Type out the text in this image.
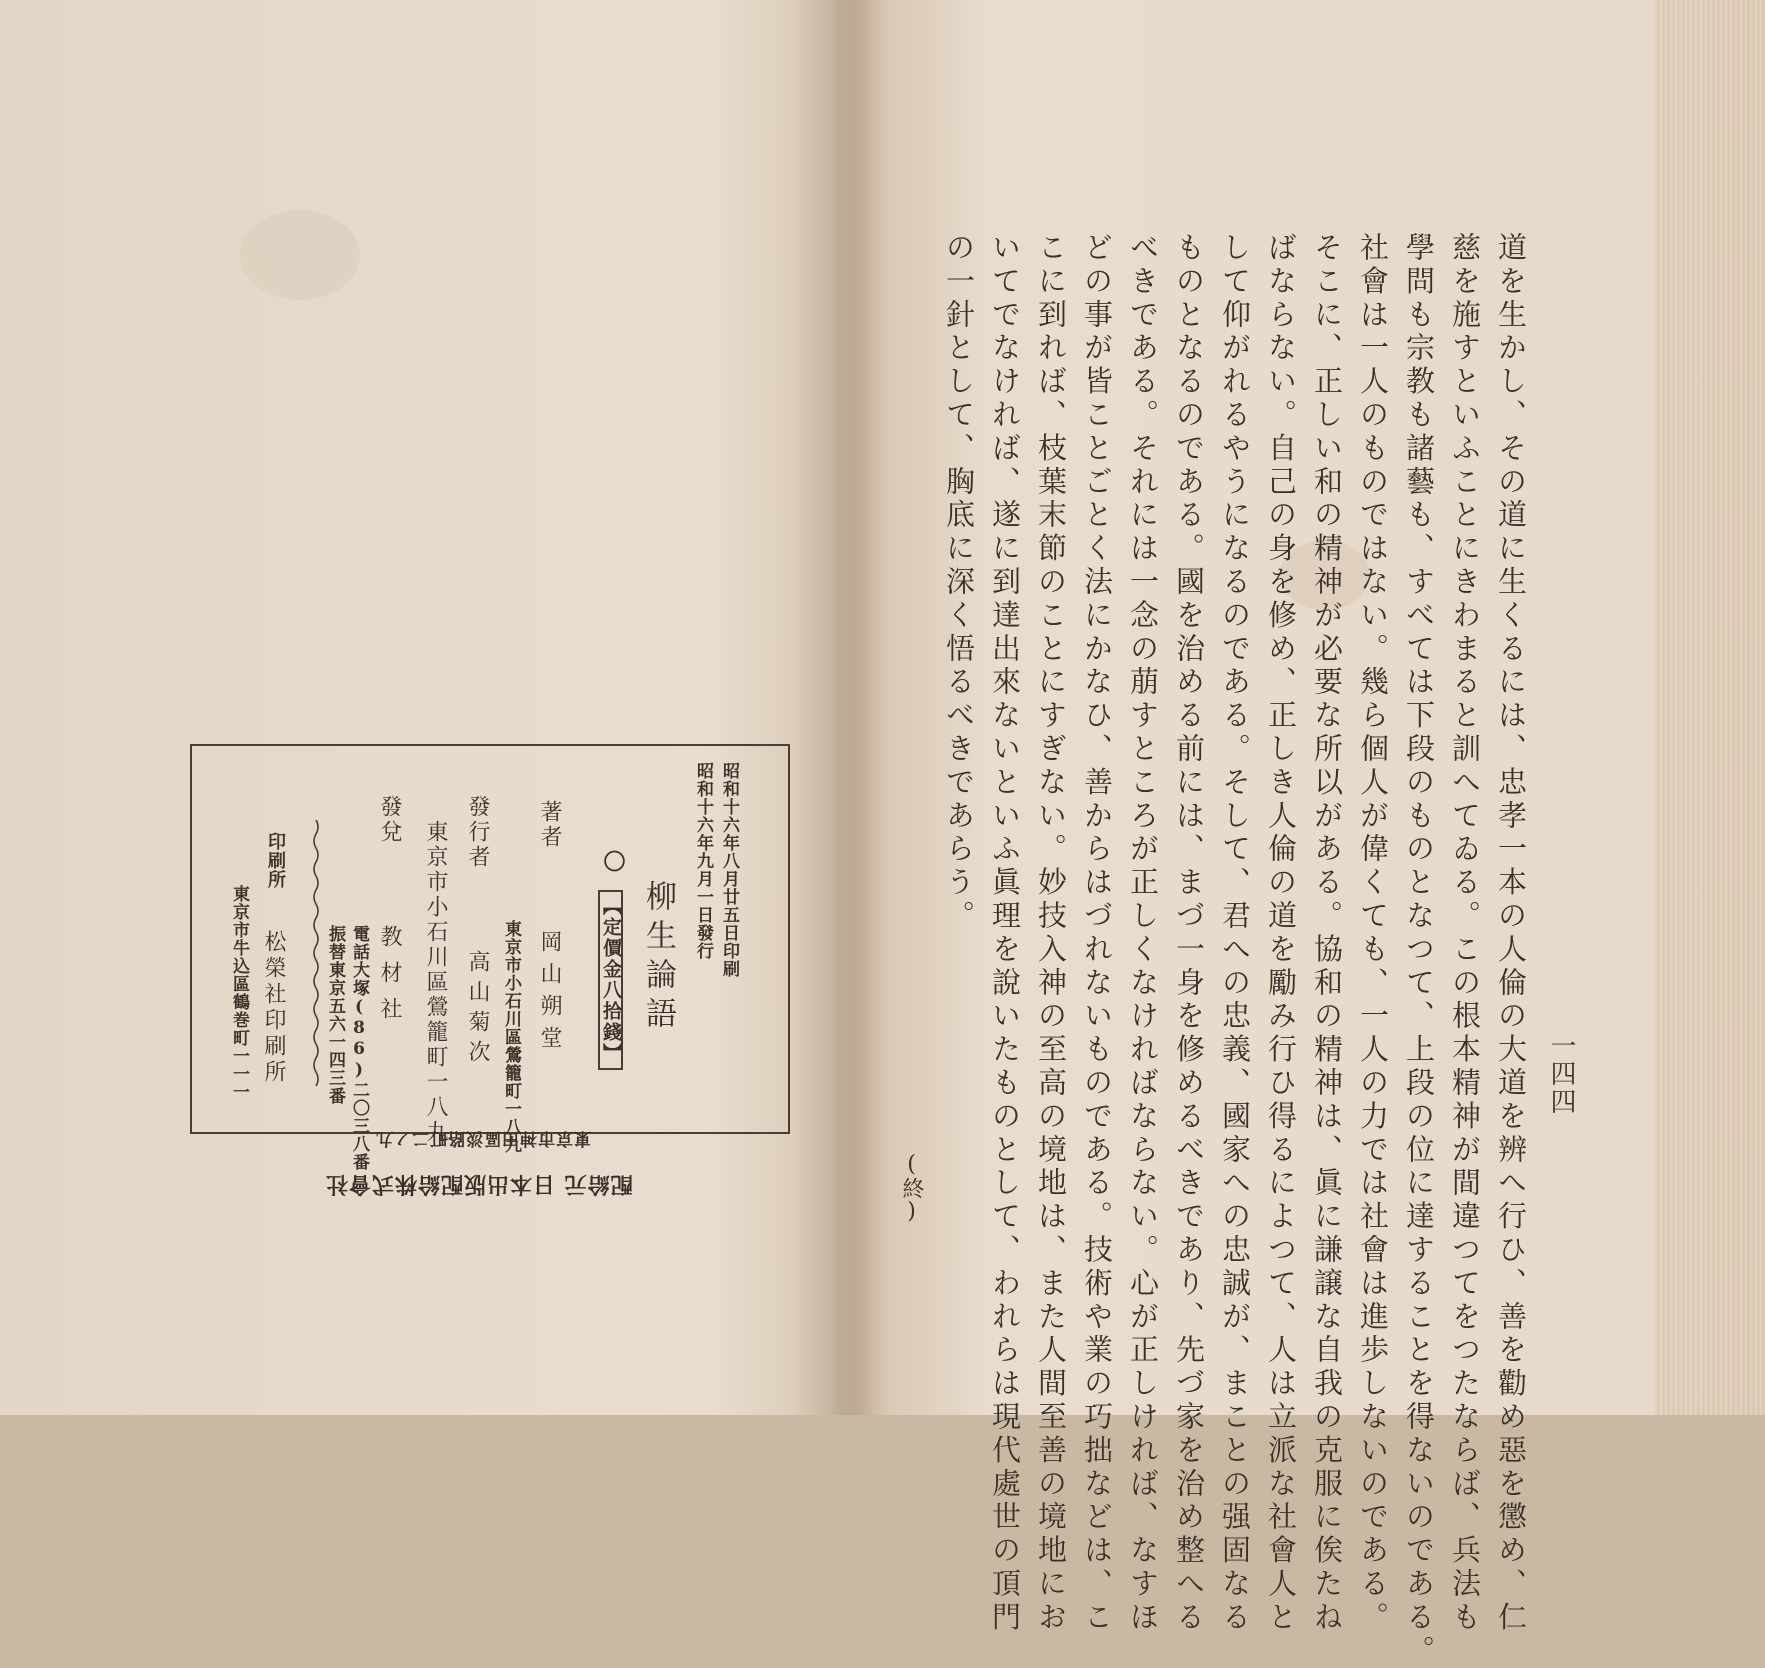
昭和十六年八月廿五日印刷
昭和十六年九月一日發行
柳生論語
〇
【定價金八拾錢】
著者
岡山朔堂
東京市小石川區鶯籠町一八九
發行者
高山菊次
東京市小石川區鶯籠町一八九
發兌
教材社
電話大塚(86)二〇三八番
振替東京五六一四三番
印刷所
松榮社印刷所
東京市牛込區鶴巻町一一一
東京市神田區淡路町二ノ九
配給元 日本出版配給株式會社	道を生かし、その道に生くるには、忠孝一本の人倫の大道を辨へ行ひ、善を勸め惡を懲め、仁
慈を施すといふことにきわまると訓へてゐる。この根本精神が間違つてをつたならば、兵法も
學問も宗教も諸藝も、すべては下段のものとなつて、上段の位に達することを得ないのである。
社會は一人のものではない。幾ら個人が偉くても、一人の力では社會は進歩しないのである。
そこに、正しい和の精神が必要な所以がある。協和の精神は、眞に謙譲な自我の克服に俟たね
ばならない。自己の身を修め、正しき人倫の道を勵み行ひ得るによつて、人は立派な社會人と
して仰がれるやうになるのである。そして、君への忠義、國家への忠誠が、まことの强固なる
ものとなるのである。國を治める前には、まづ一身を修めるべきであり、先づ家を治め整へる
べきである。それには一念の萠すところが正しくなければならない。心が正しければ、なすほ
どの事が皆ことごとく法にかなひ、善からはづれないものである。技術や業の巧拙などは、こ
こに到れば、枝葉末節のことにすぎない。妙技入神の至高の境地は、また人間至善の境地にお
いてでなければ、遂に到達出來ないといふ眞理を說いたものとして、われらは現代處世の頂門
の一針として、胸底に深く悟るべきであらう。
一四四
(終)
